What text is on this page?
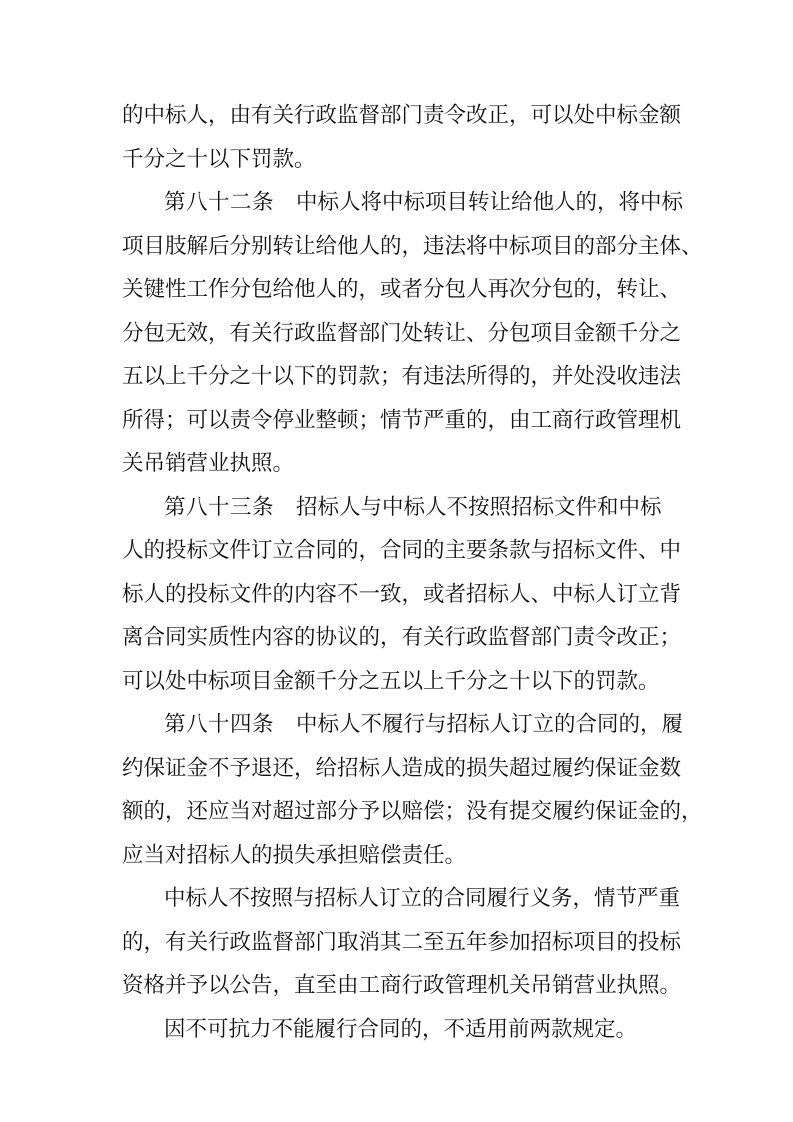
的中标人，由有关行政监督部门责令改正，可以处中标金额
千分之十以下罚款。
第八十二条 中标人将中标项目转让给他人的，将中标
项目肢解后分别转让给他人的，违法将中标项目的部分主体、
关键性工作分包给他人的，或者分包人再次分包的，转让、
分包无效，有关行政监督部门处转让、分包项目金额千分之
五以上千分之十以下的罚款；有违法所得的，并处没收违法
所得；可以责令停业整顿；情节严重的，由工商行政管理机
关吊销营业执照。
第八十三条 招标人与中标人不按照招标文件和中标
人的投标文件订立合同的，合同的主要条款与招标文件、中
标人的投标文件的内容不一致，或者招标人、中标人订立背
离合同实质性内容的协议的，有关行政监督部门责令改正；
可以处中标项目金额千分之五以上千分之十以下的罚款。
第八十四条 中标人不履行与招标人订立的合同的，履
约保证金不予退还，给招标人造成的损失超过履约保证金数
额的，还应当对超过部分予以赔偿；没有提交履约保证金的，
应当对招标人的损失承担赔偿责任。
中标人不按照与招标人订立的合同履行义务，情节严重
的，有关行政监督部门取消其二至五年参加招标项目的投标
资格并予以公告，直至由工商行政管理机关吊销营业执照。
因不可抗力不能履行合同的，不适用前两款规定。
